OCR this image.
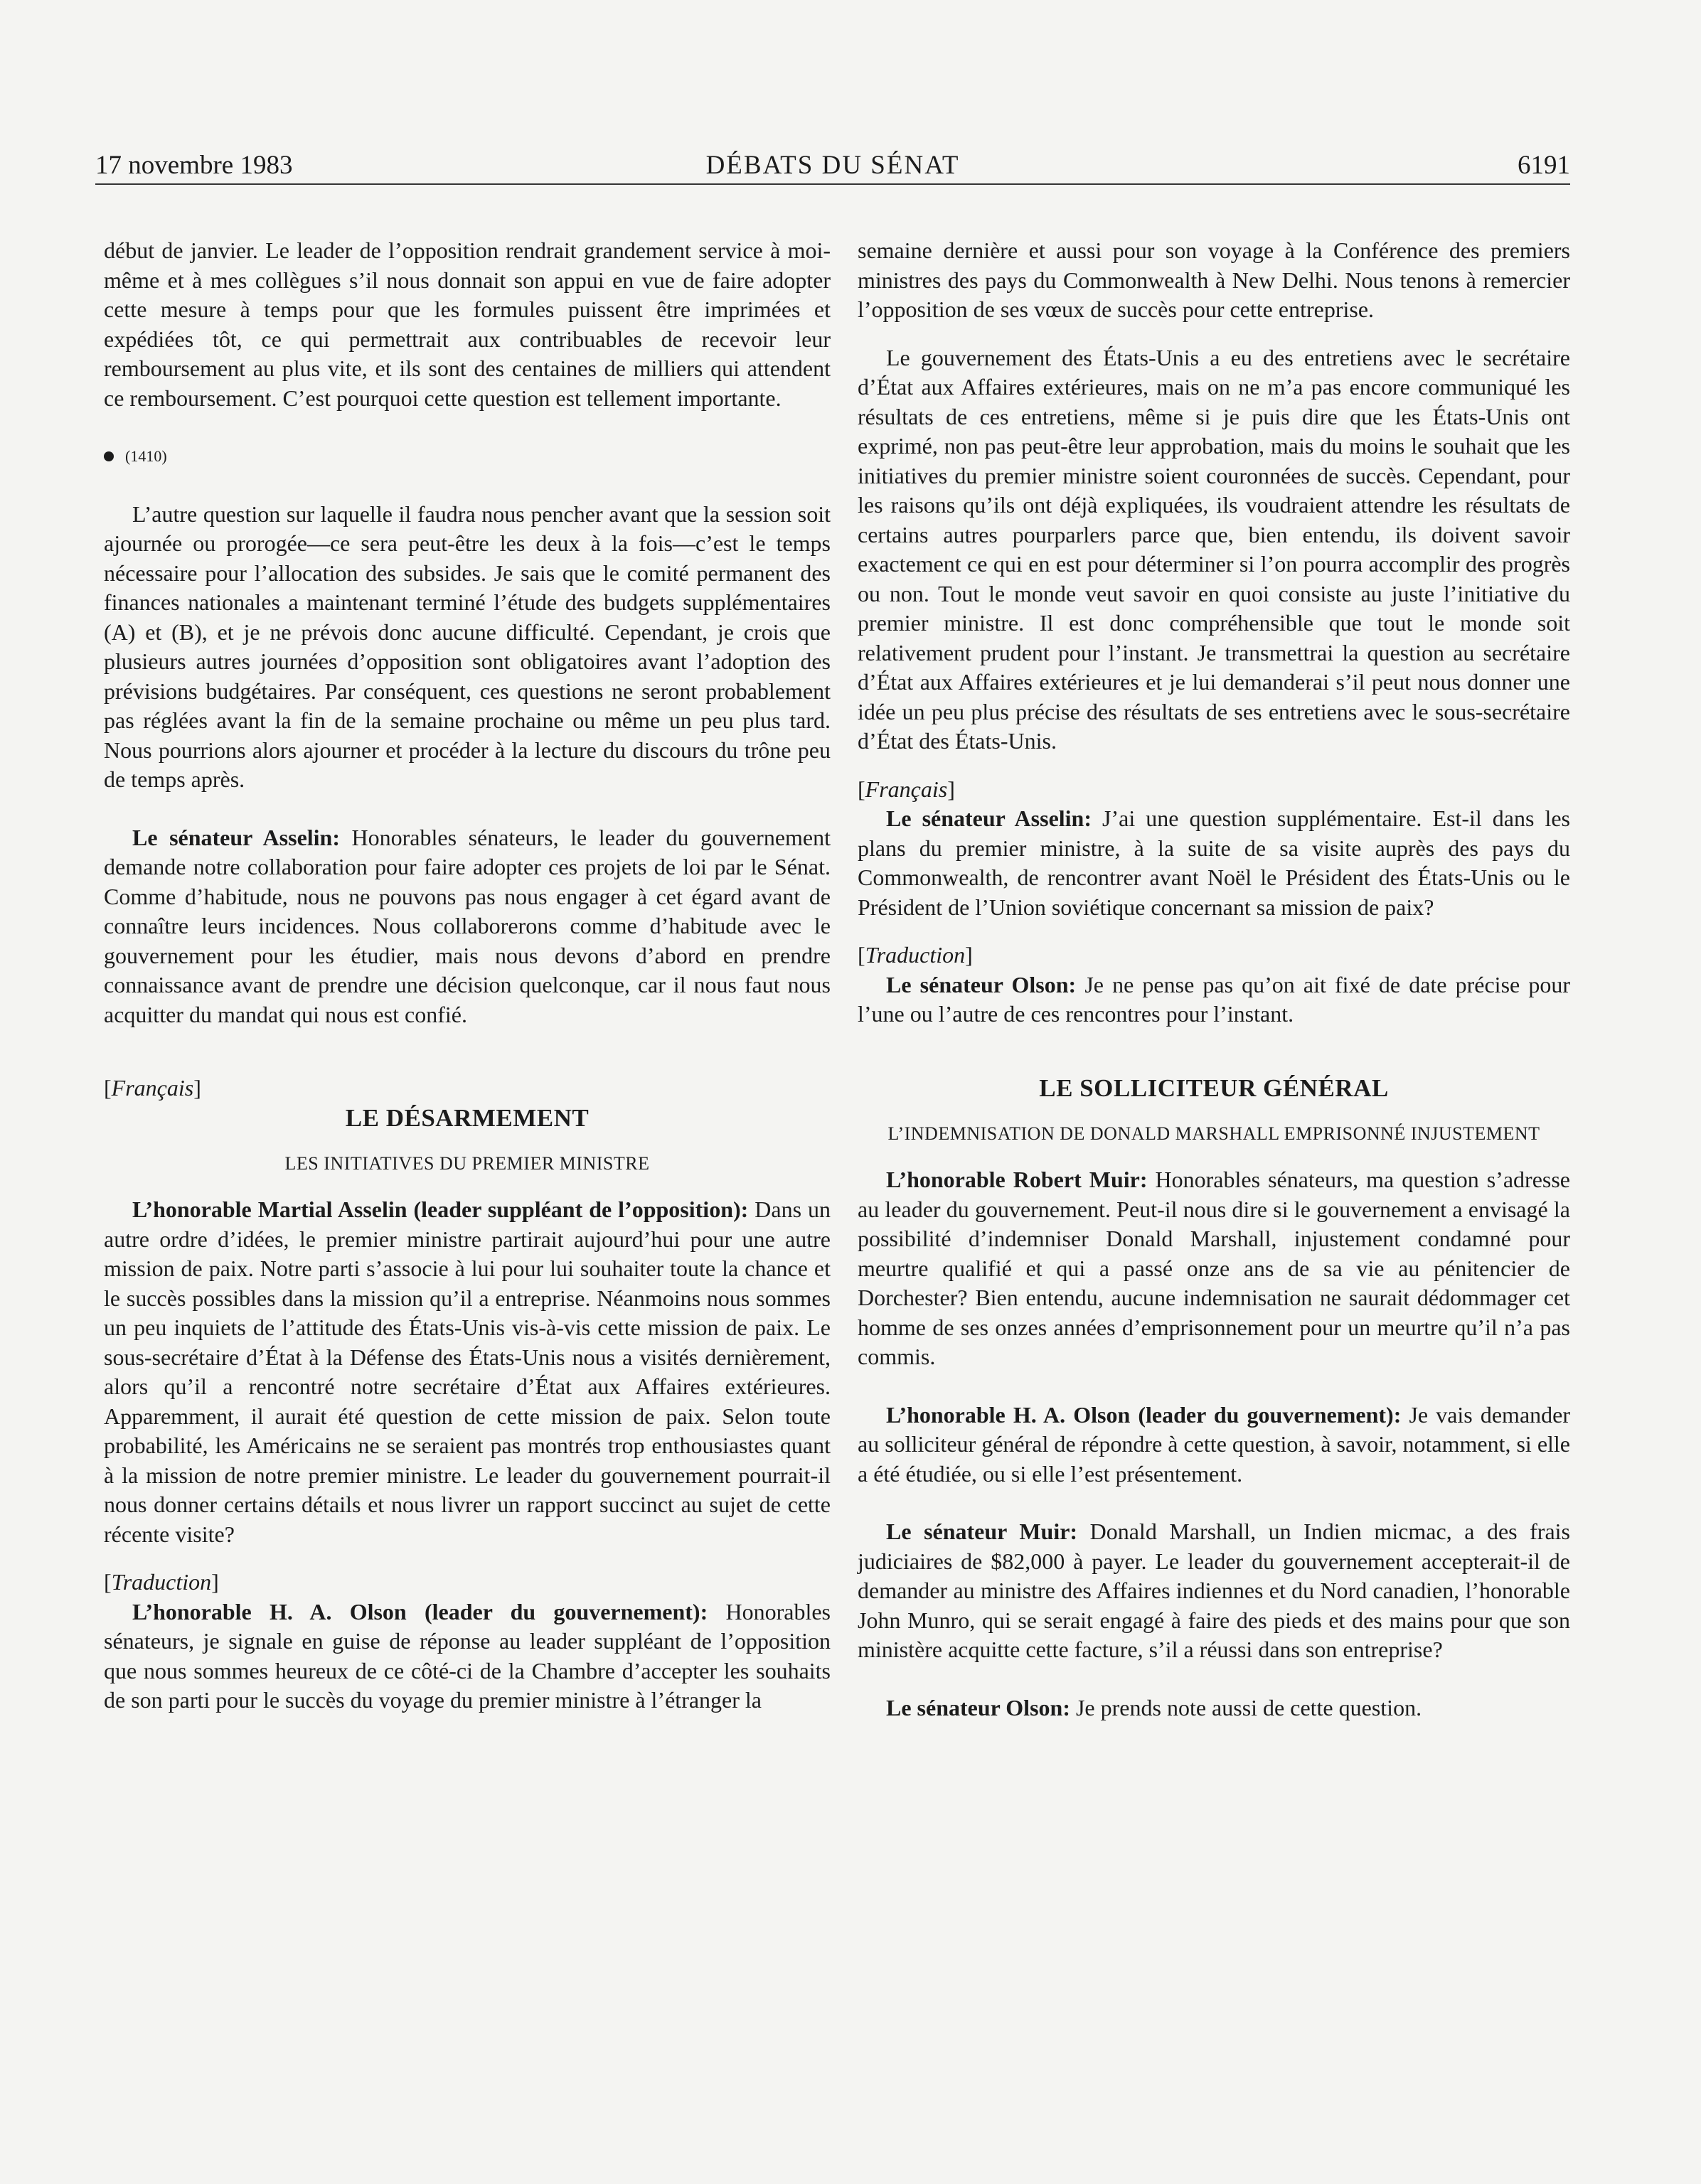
17 novembre 1983	DÉBATS DU SÉNAT	6191

début de janvier. Le leader de l’opposition rendrait grandement service à moi-même et à mes collègues s’il nous donnait son appui en vue de faire adopter cette mesure à temps pour que les formules puissent être imprimées et expédiées tôt, ce qui permettrait aux contribuables de recevoir leur remboursement au plus vite, et ils sont des centaines de milliers qui attendent ce remboursement. C’est pourquoi cette question est tellement importante.

(1410)

L’autre question sur laquelle il faudra nous pencher avant que la session soit ajournée ou prorogée—ce sera peut-être les deux à la fois—c’est le temps nécessaire pour l’allocation des subsides. Je sais que le comité permanent des finances nationales a maintenant terminé l’étude des budgets supplémentaires (A) et (B), et je ne prévois donc aucune difficulté. Cependant, je crois que plusieurs autres journées d’opposition sont obligatoires avant l’adoption des prévisions budgétaires. Par conséquent, ces questions ne seront probablement pas réglées avant la fin de la semaine prochaine ou même un peu plus tard. Nous pourrions alors ajourner et procéder à la lecture du discours du trône peu de temps après.

Le sénateur Asselin: Honorables sénateurs, le leader du gouvernement demande notre collaboration pour faire adopter ces projets de loi par le Sénat. Comme d’habitude, nous ne pouvons pas nous engager à cet égard avant de connaître leurs incidences. Nous collaborerons comme d’habitude avec le gouvernement pour les étudier, mais nous devons d’abord en prendre connaissance avant de prendre une décision quelconque, car il nous faut nous acquitter du mandat qui nous est confié.

[Français]

LE DÉSARMEMENT
LES INITIATIVES DU PREMIER MINISTRE

L’honorable Martial Asselin (leader suppléant de l’opposition): Dans un autre ordre d’idées, le premier ministre partirait aujourd’hui pour une autre mission de paix. Notre parti s’associe à lui pour lui souhaiter toute la chance et le succès possibles dans la mission qu’il a entreprise. Néanmoins nous sommes un peu inquiets de l’attitude des États-Unis vis-à-vis cette mission de paix. Le sous-secrétaire d’État à la Défense des États-Unis nous a visités dernièrement, alors qu’il a rencontré notre secrétaire d’État aux Affaires extérieures. Apparemment, il aurait été question de cette mission de paix. Selon toute probabilité, les Américains ne se seraient pas montrés trop enthousiastes quant à la mission de notre premier ministre. Le leader du gouvernement pourrait-il nous donner certains détails et nous livrer un rapport succinct au sujet de cette récente visite?

[Traduction]

L’honorable H. A. Olson (leader du gouvernement): Honorables sénateurs, je signale en guise de réponse au leader suppléant de l’opposition que nous sommes heureux de ce côté-ci de la Chambre d’accepter les souhaits de son parti pour le succès du voyage du premier ministre à l’étranger la

semaine dernière et aussi pour son voyage à la Conférence des premiers ministres des pays du Commonwealth à New Delhi. Nous tenons à remercier l’opposition de ses vœux de succès pour cette entreprise.

Le gouvernement des États-Unis a eu des entretiens avec le secrétaire d’État aux Affaires extérieures, mais on ne m’a pas encore communiqué les résultats de ces entretiens, même si je puis dire que les États-Unis ont exprimé, non pas peut-être leur approbation, mais du moins le souhait que les initiatives du premier ministre soient couronnées de succès. Cependant, pour les raisons qu’ils ont déjà expliquées, ils voudraient attendre les résultats de certains autres pourparlers parce que, bien entendu, ils doivent savoir exactement ce qui en est pour déterminer si l’on pourra accomplir des progrès ou non. Tout le monde veut savoir en quoi consiste au juste l’initiative du premier ministre. Il est donc compréhensible que tout le monde soit relativement prudent pour l’instant. Je transmettrai la question au secrétaire d’État aux Affaires extérieures et je lui demanderai s’il peut nous donner une idée un peu plus précise des résultats de ses entretiens avec le sous-secrétaire d’État des États-Unis.

[Français]

Le sénateur Asselin: J’ai une question supplémentaire. Est-il dans les plans du premier ministre, à la suite de sa visite auprès des pays du Commonwealth, de rencontrer avant Noël le Président des États-Unis ou le Président de l’Union soviétique concernant sa mission de paix?

[Traduction]

Le sénateur Olson: Je ne pense pas qu’on ait fixé de date précise pour l’une ou l’autre de ces rencontres pour l’instant.

LE SOLLICITEUR GÉNÉRAL
L’INDEMNISATION DE DONALD MARSHALL EMPRISONNÉ INJUSTEMENT

L’honorable Robert Muir: Honorables sénateurs, ma question s’adresse au leader du gouvernement. Peut-il nous dire si le gouvernement a envisagé la possibilité d’indemniser Donald Marshall, injustement condamné pour meurtre qualifié et qui a passé onze ans de sa vie au pénitencier de Dorchester? Bien entendu, aucune indemnisation ne saurait dédommager cet homme de ses onzes années d’emprisonnement pour un meurtre qu’il n’a pas commis.

L’honorable H. A. Olson (leader du gouvernement): Je vais demander au solliciteur général de répondre à cette question, à savoir, notamment, si elle a été étudiée, ou si elle l’est présentement.

Le sénateur Muir: Donald Marshall, un Indien micmac, a des frais judiciaires de $82,000 à payer. Le leader du gouvernement accepterait-il de demander au ministre des Affaires indiennes et du Nord canadien, l’honorable John Munro, qui se serait engagé à faire des pieds et des mains pour que son ministère acquitte cette facture, s’il a réussi dans son entreprise?

Le sénateur Olson: Je prends note aussi de cette question.
